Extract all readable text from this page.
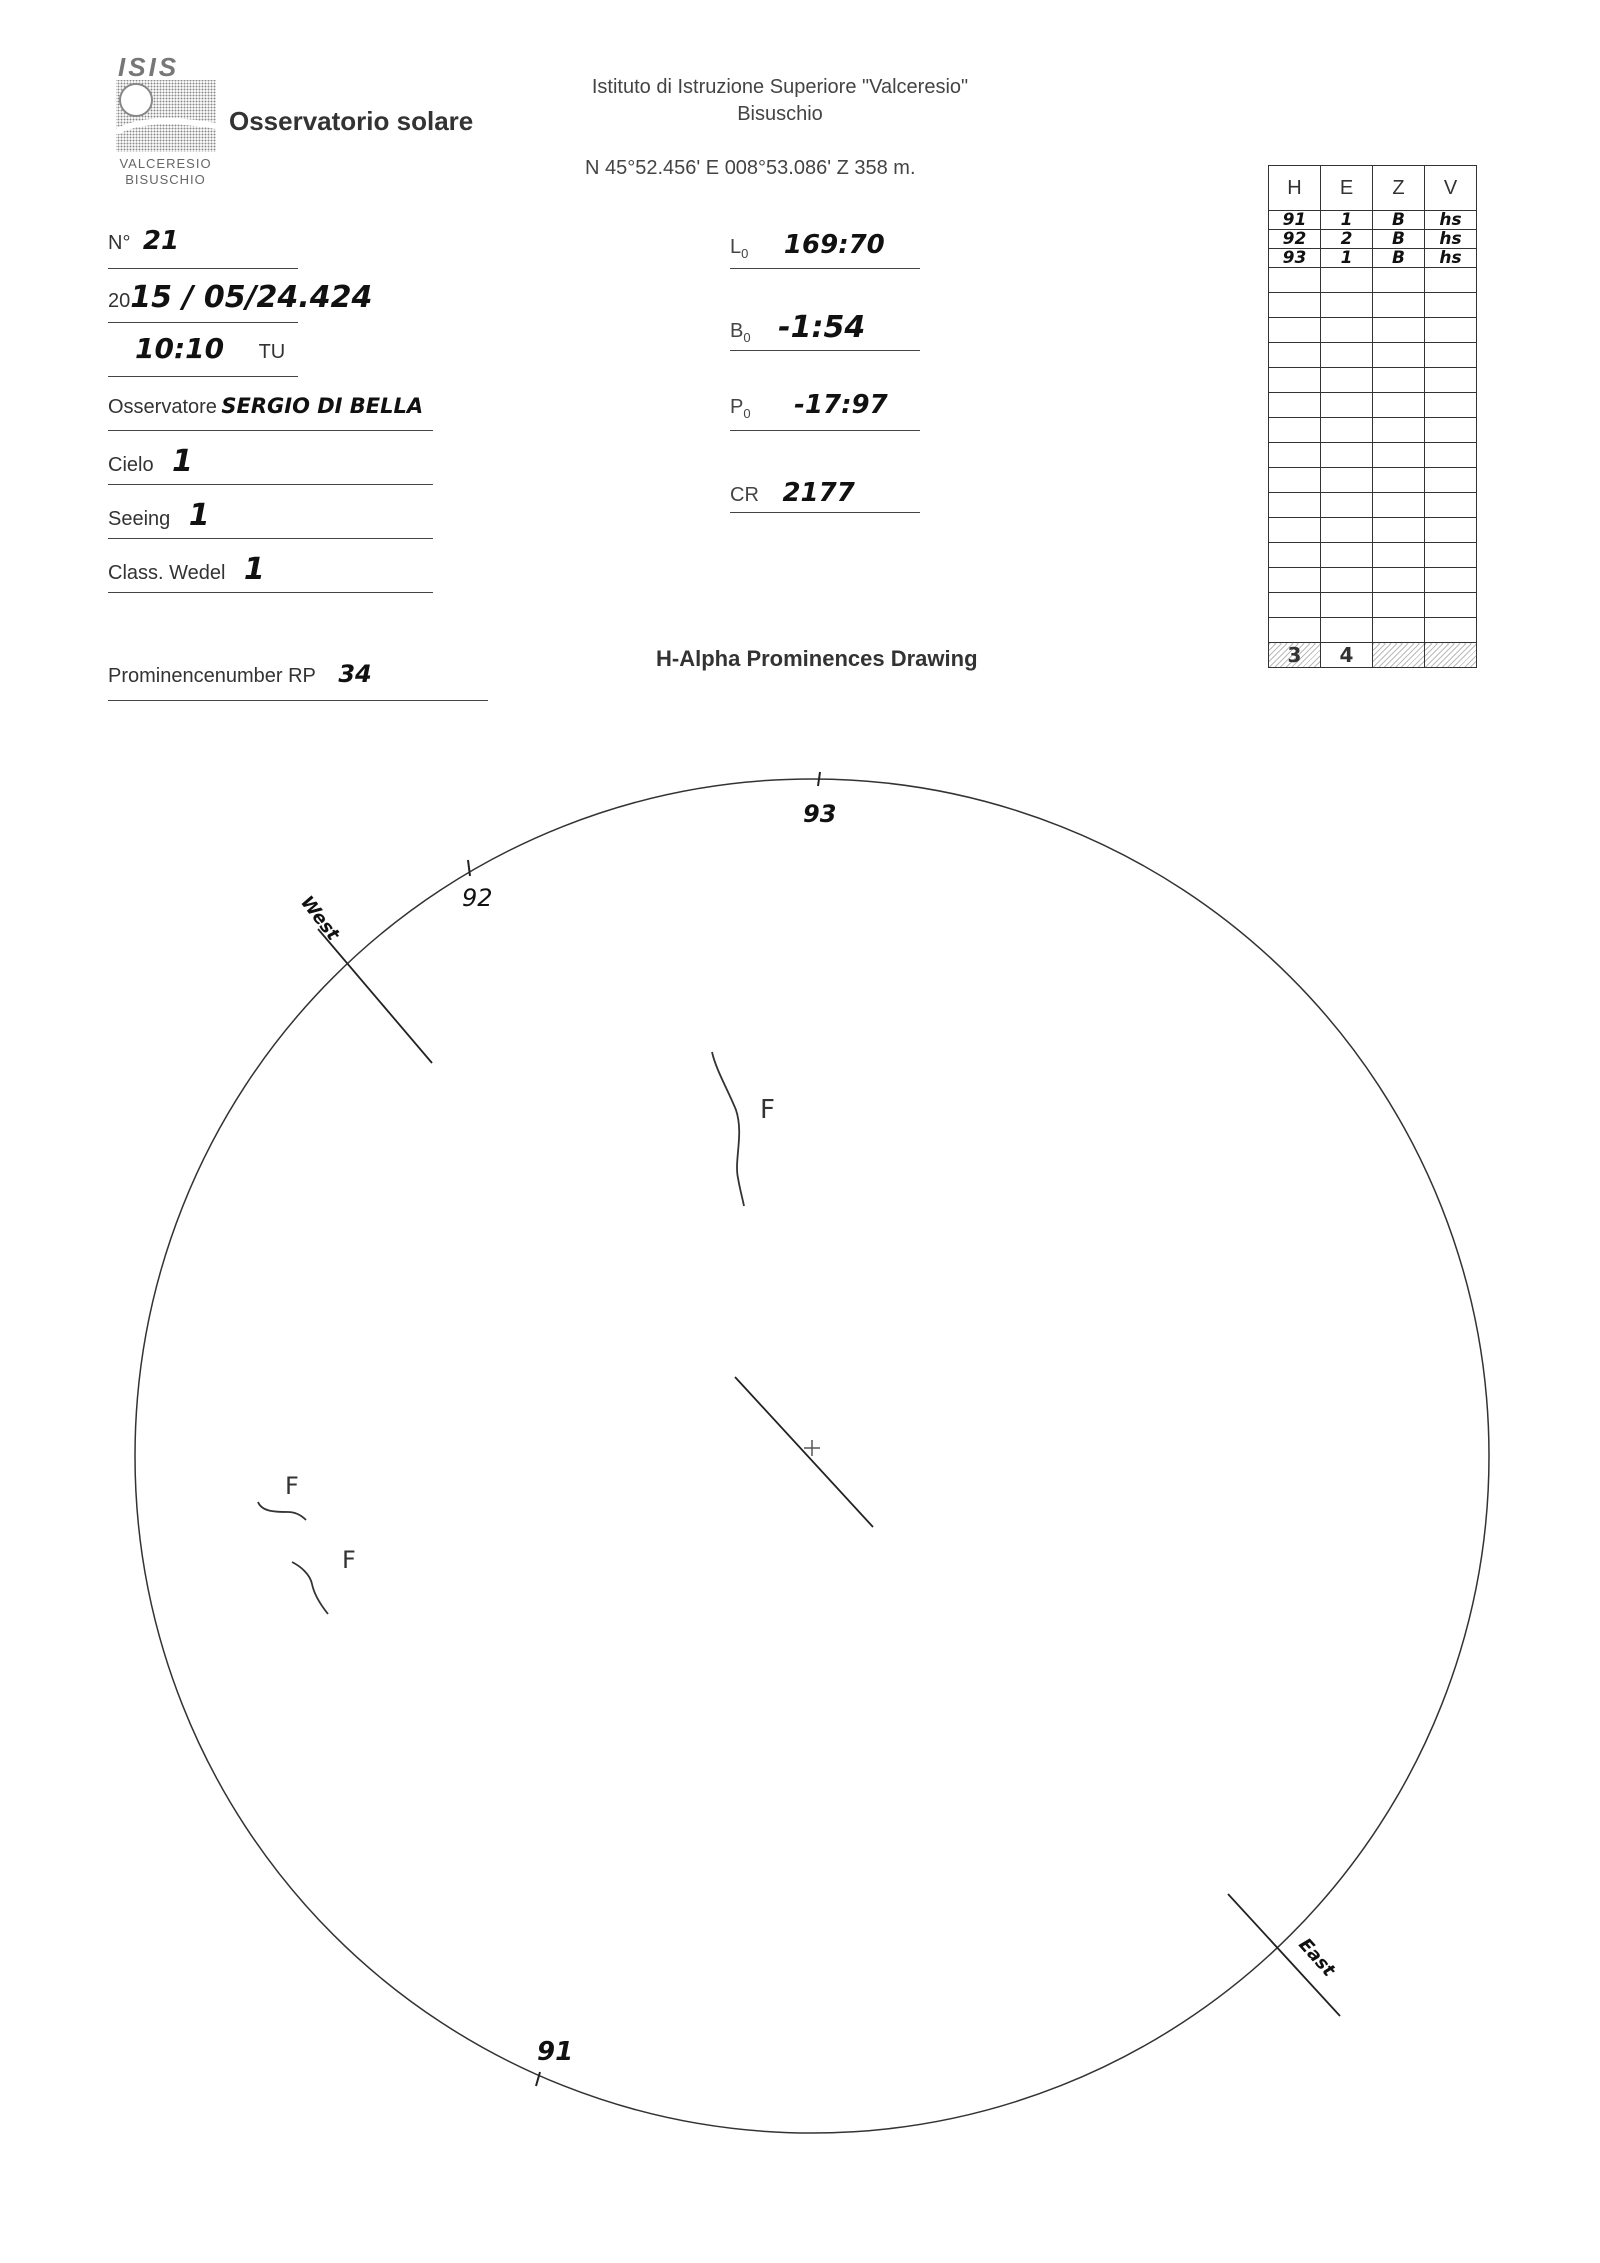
ISIS
VALCERESIO
BISUSCHIO
Osservatorio solare
Istituto di Istruzione Superiore "Valceresio"
Bisuschio
N 45°52.456' E 008°53.086' Z 358 m.
N° 21
2015 / 05/24.424
10:10 TU
Osservatore SERGIO DI BELLA
Cielo 1
Seeing 1
Class. Wedel 1
Prominencenumber RP 34
$L_0$ 169:70
$B_0$ -1:54
$P_0$ -17:97
CR 2177
H-Alpha Prominences Drawing
H	E	Z	V
91	1	B	hs
92	2	B	hs
93	1	B	hs

3	4		
West
East
93
92
91
F
F
F
